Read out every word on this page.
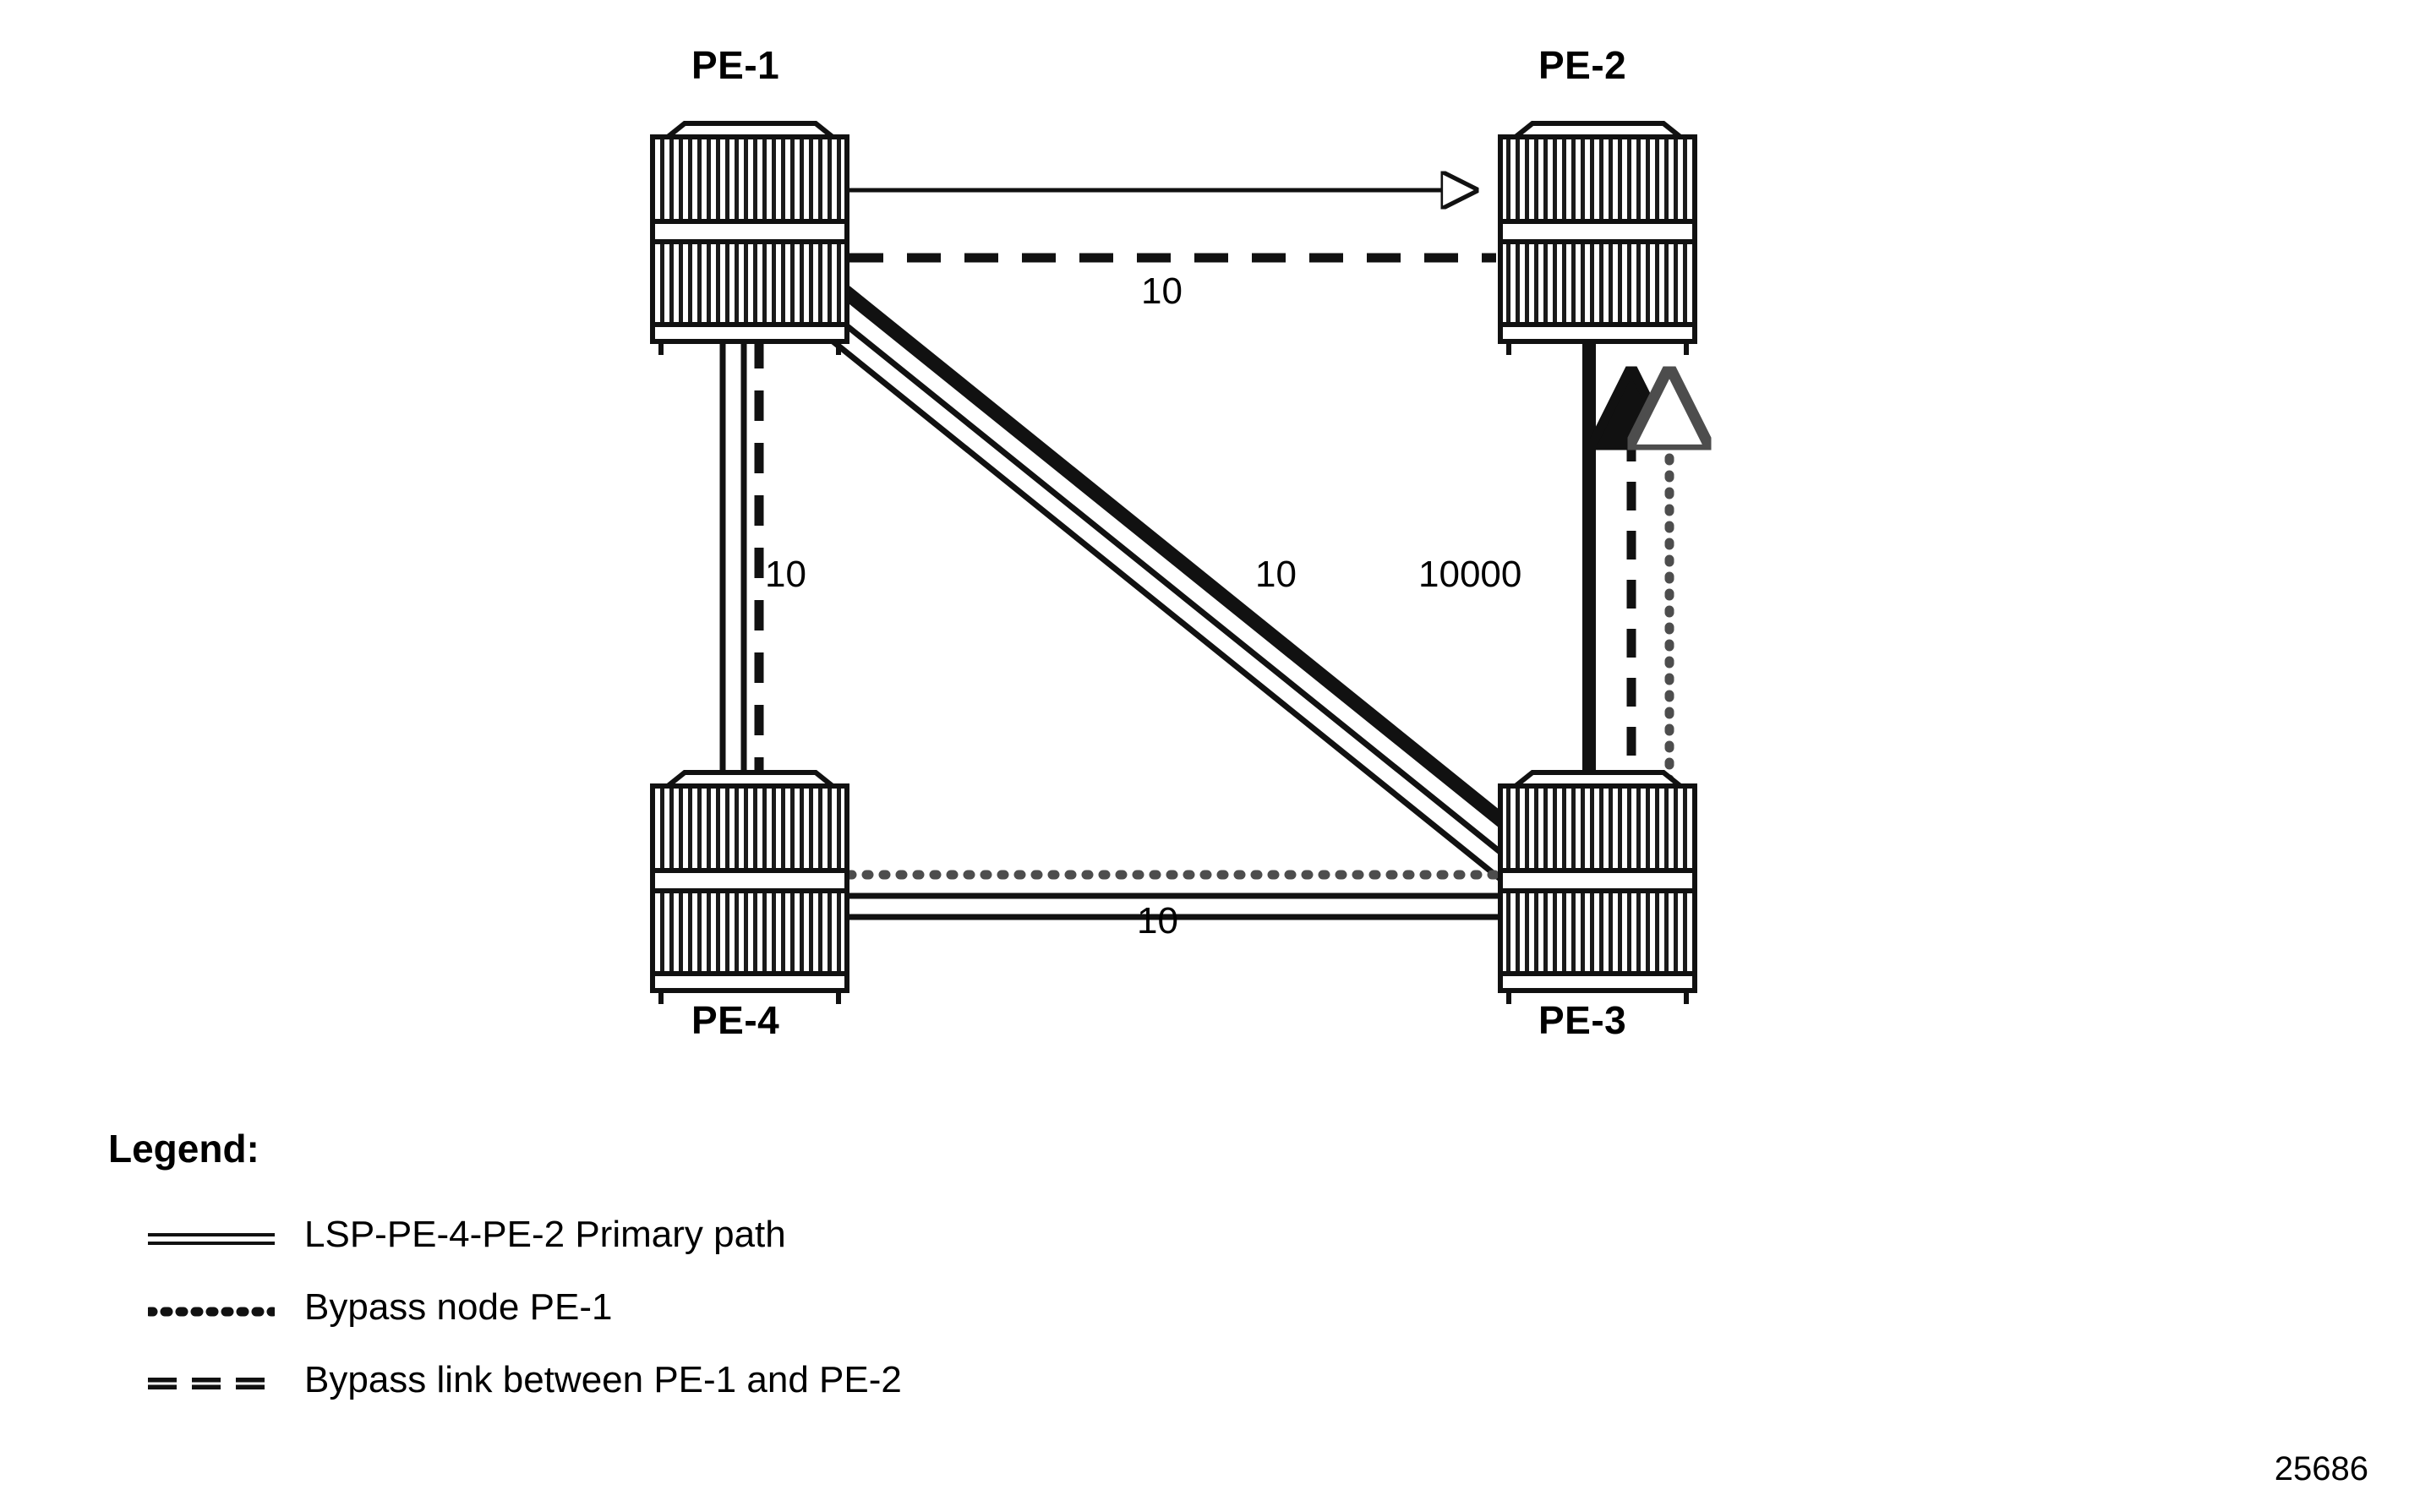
PE-1	PE-2
PE-4	PE-3
10
10	10	10000
10
Legend:
LSP-PE-4-PE-2 Primary path
Bypass node PE-1
Bypass link between PE-1 and PE-2
25686
